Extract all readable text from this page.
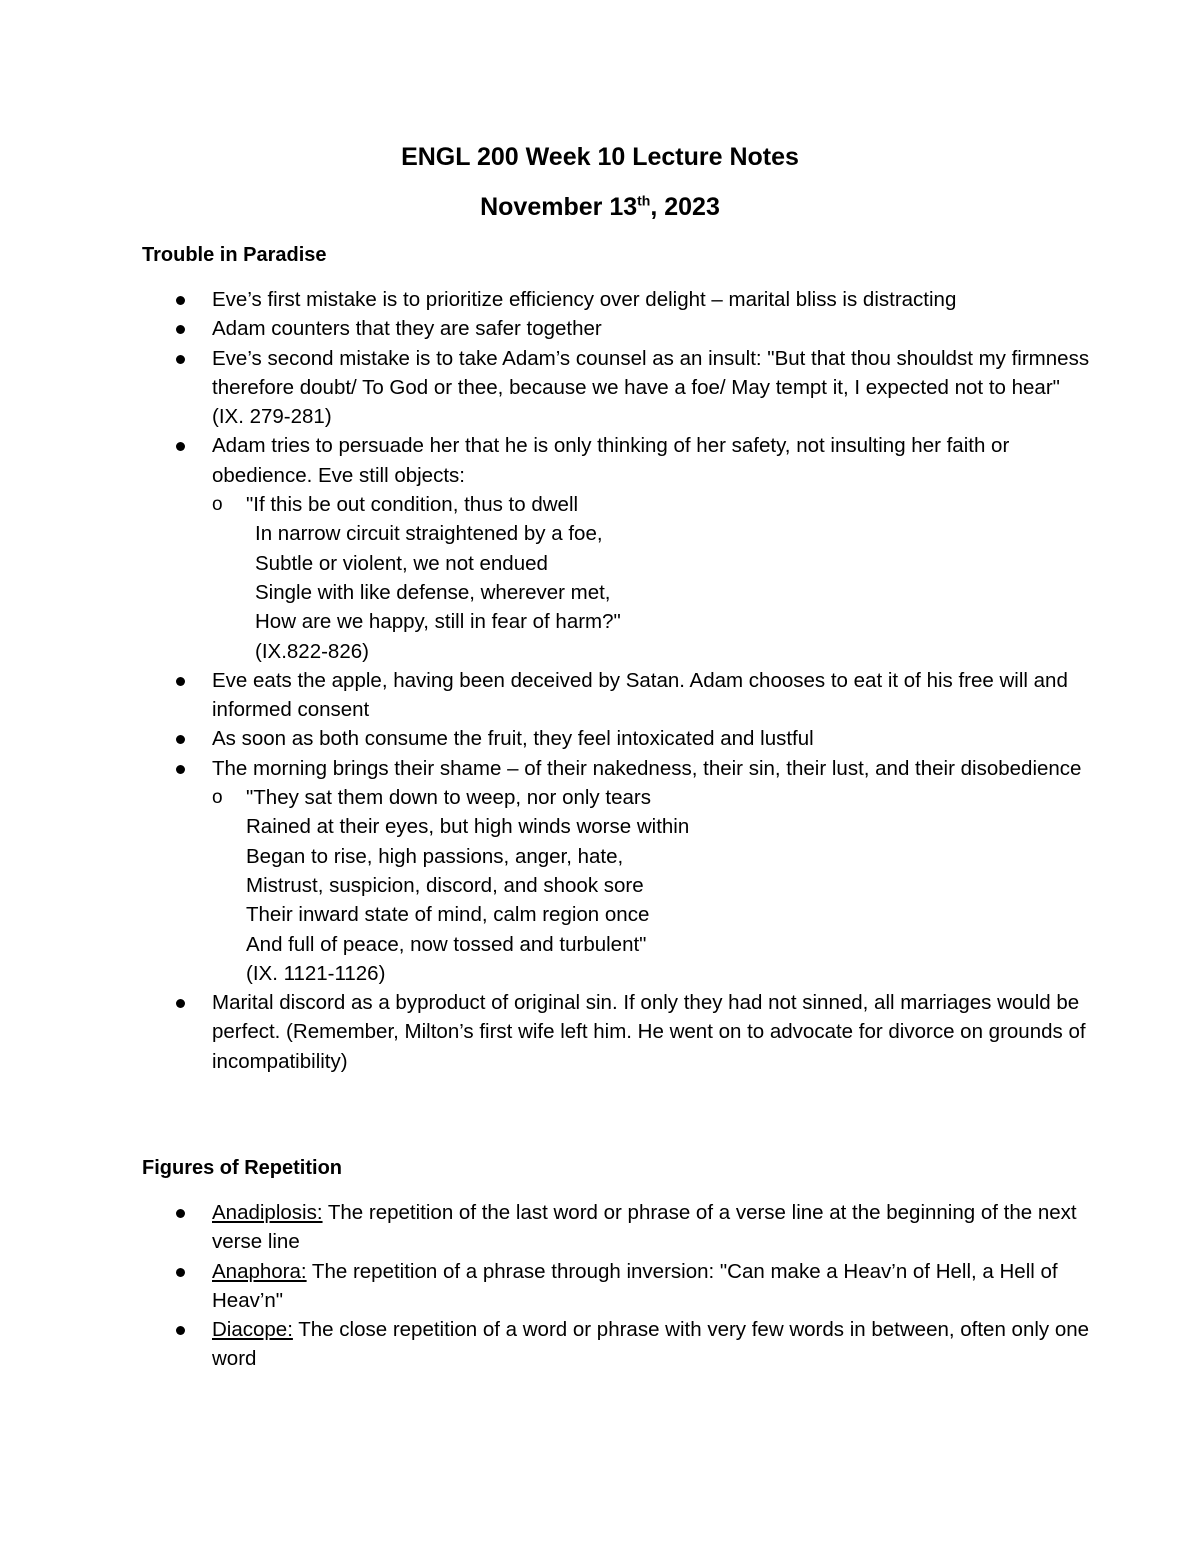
ENGL 200 Week 10 Lecture Notes
November 13th, 2023
Trouble in Paradise
Eve’s first mistake is to prioritize efficiency over delight – marital bliss is distracting
Adam counters that they are safer together
Eve’s second mistake is to take Adam’s counsel as an insult: "But that thou shouldst my firmness therefore doubt/ To God or thee, because we have a foe/ May tempt it, I expected not to hear" (IX. 279-281)
Adam tries to persuade her that he is only thinking of her safety, not insulting her faith or obedience. Eve still objects:
o "If this be out condition, thus to dwell
In narrow circuit straightened by a foe,
Subtle or violent, we not endued
Single with like defense, wherever met,
How are we happy, still in fear of harm?"
(IX.822-826)
Eve eats the apple, having been deceived by Satan. Adam chooses to eat it of his free will and informed consent
As soon as both consume the fruit, they feel intoxicated and lustful
The morning brings their shame – of their nakedness, their sin, their lust, and their disobedience
o "They sat them down to weep, nor only tears
Rained at their eyes, but high winds worse within
Began to rise, high passions, anger, hate,
Mistrust, suspicion, discord, and shook sore
Their inward state of mind, calm region once
And full of peace, now tossed and turbulent"
(IX. 1121-1126)
Marital discord as a byproduct of original sin. If only they had not sinned, all marriages would be perfect. (Remember, Milton’s first wife left him. He went on to advocate for divorce on grounds of incompatibility)
Figures of Repetition
Anadiplosis: The repetition of the last word or phrase of a verse line at the beginning of the next verse line
Anaphora: The repetition of a phrase through inversion: "Can make a Heav’n of Hell, a Hell of Heav’n"
Diacope: The close repetition of a word or phrase with very few words in between, often only one word
